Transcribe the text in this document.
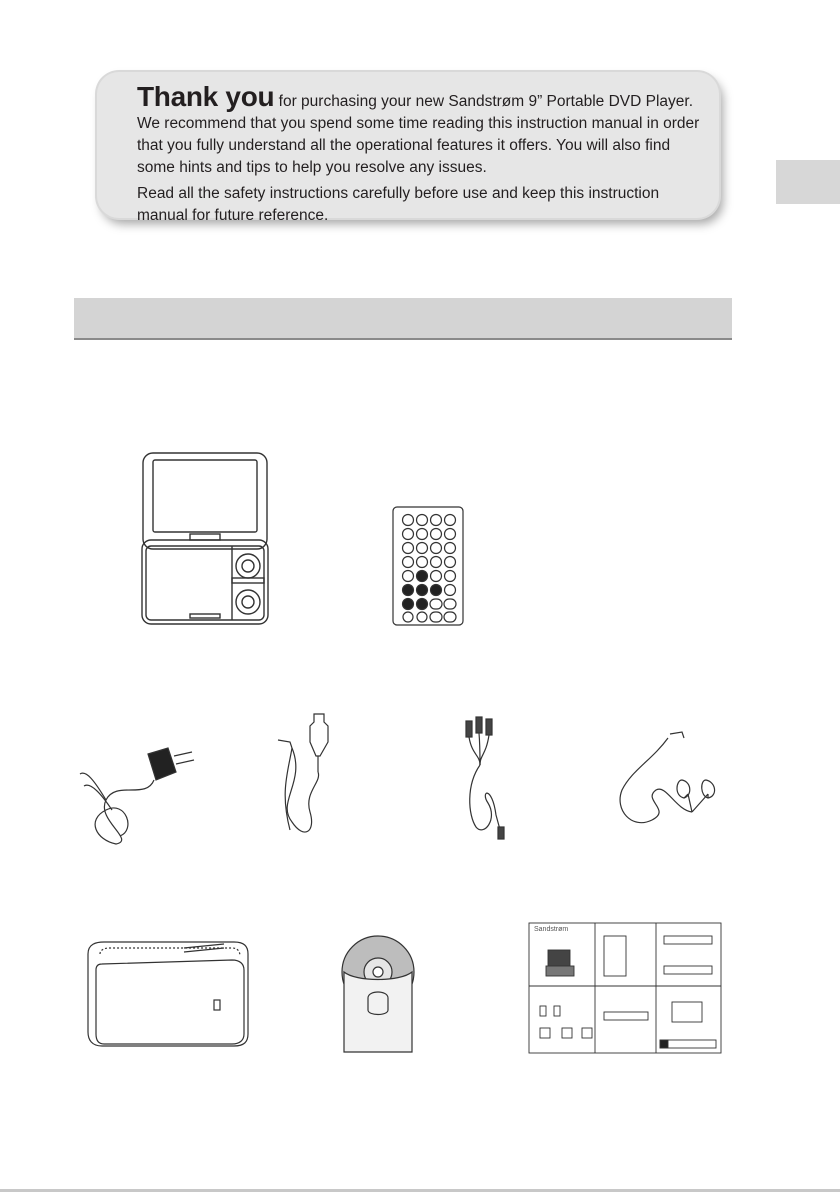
Thank you for purchasing your new Sandstrøm 9” Portable DVD Player. We recommend that you spend some time reading this instruction manual in order that you fully understand all the operational features it offers. You will also find some hints and tips to help you resolve any issues.

Read all the safety instructions carefully before use and keep this instruction manual for future reference.

Sandstrøm
